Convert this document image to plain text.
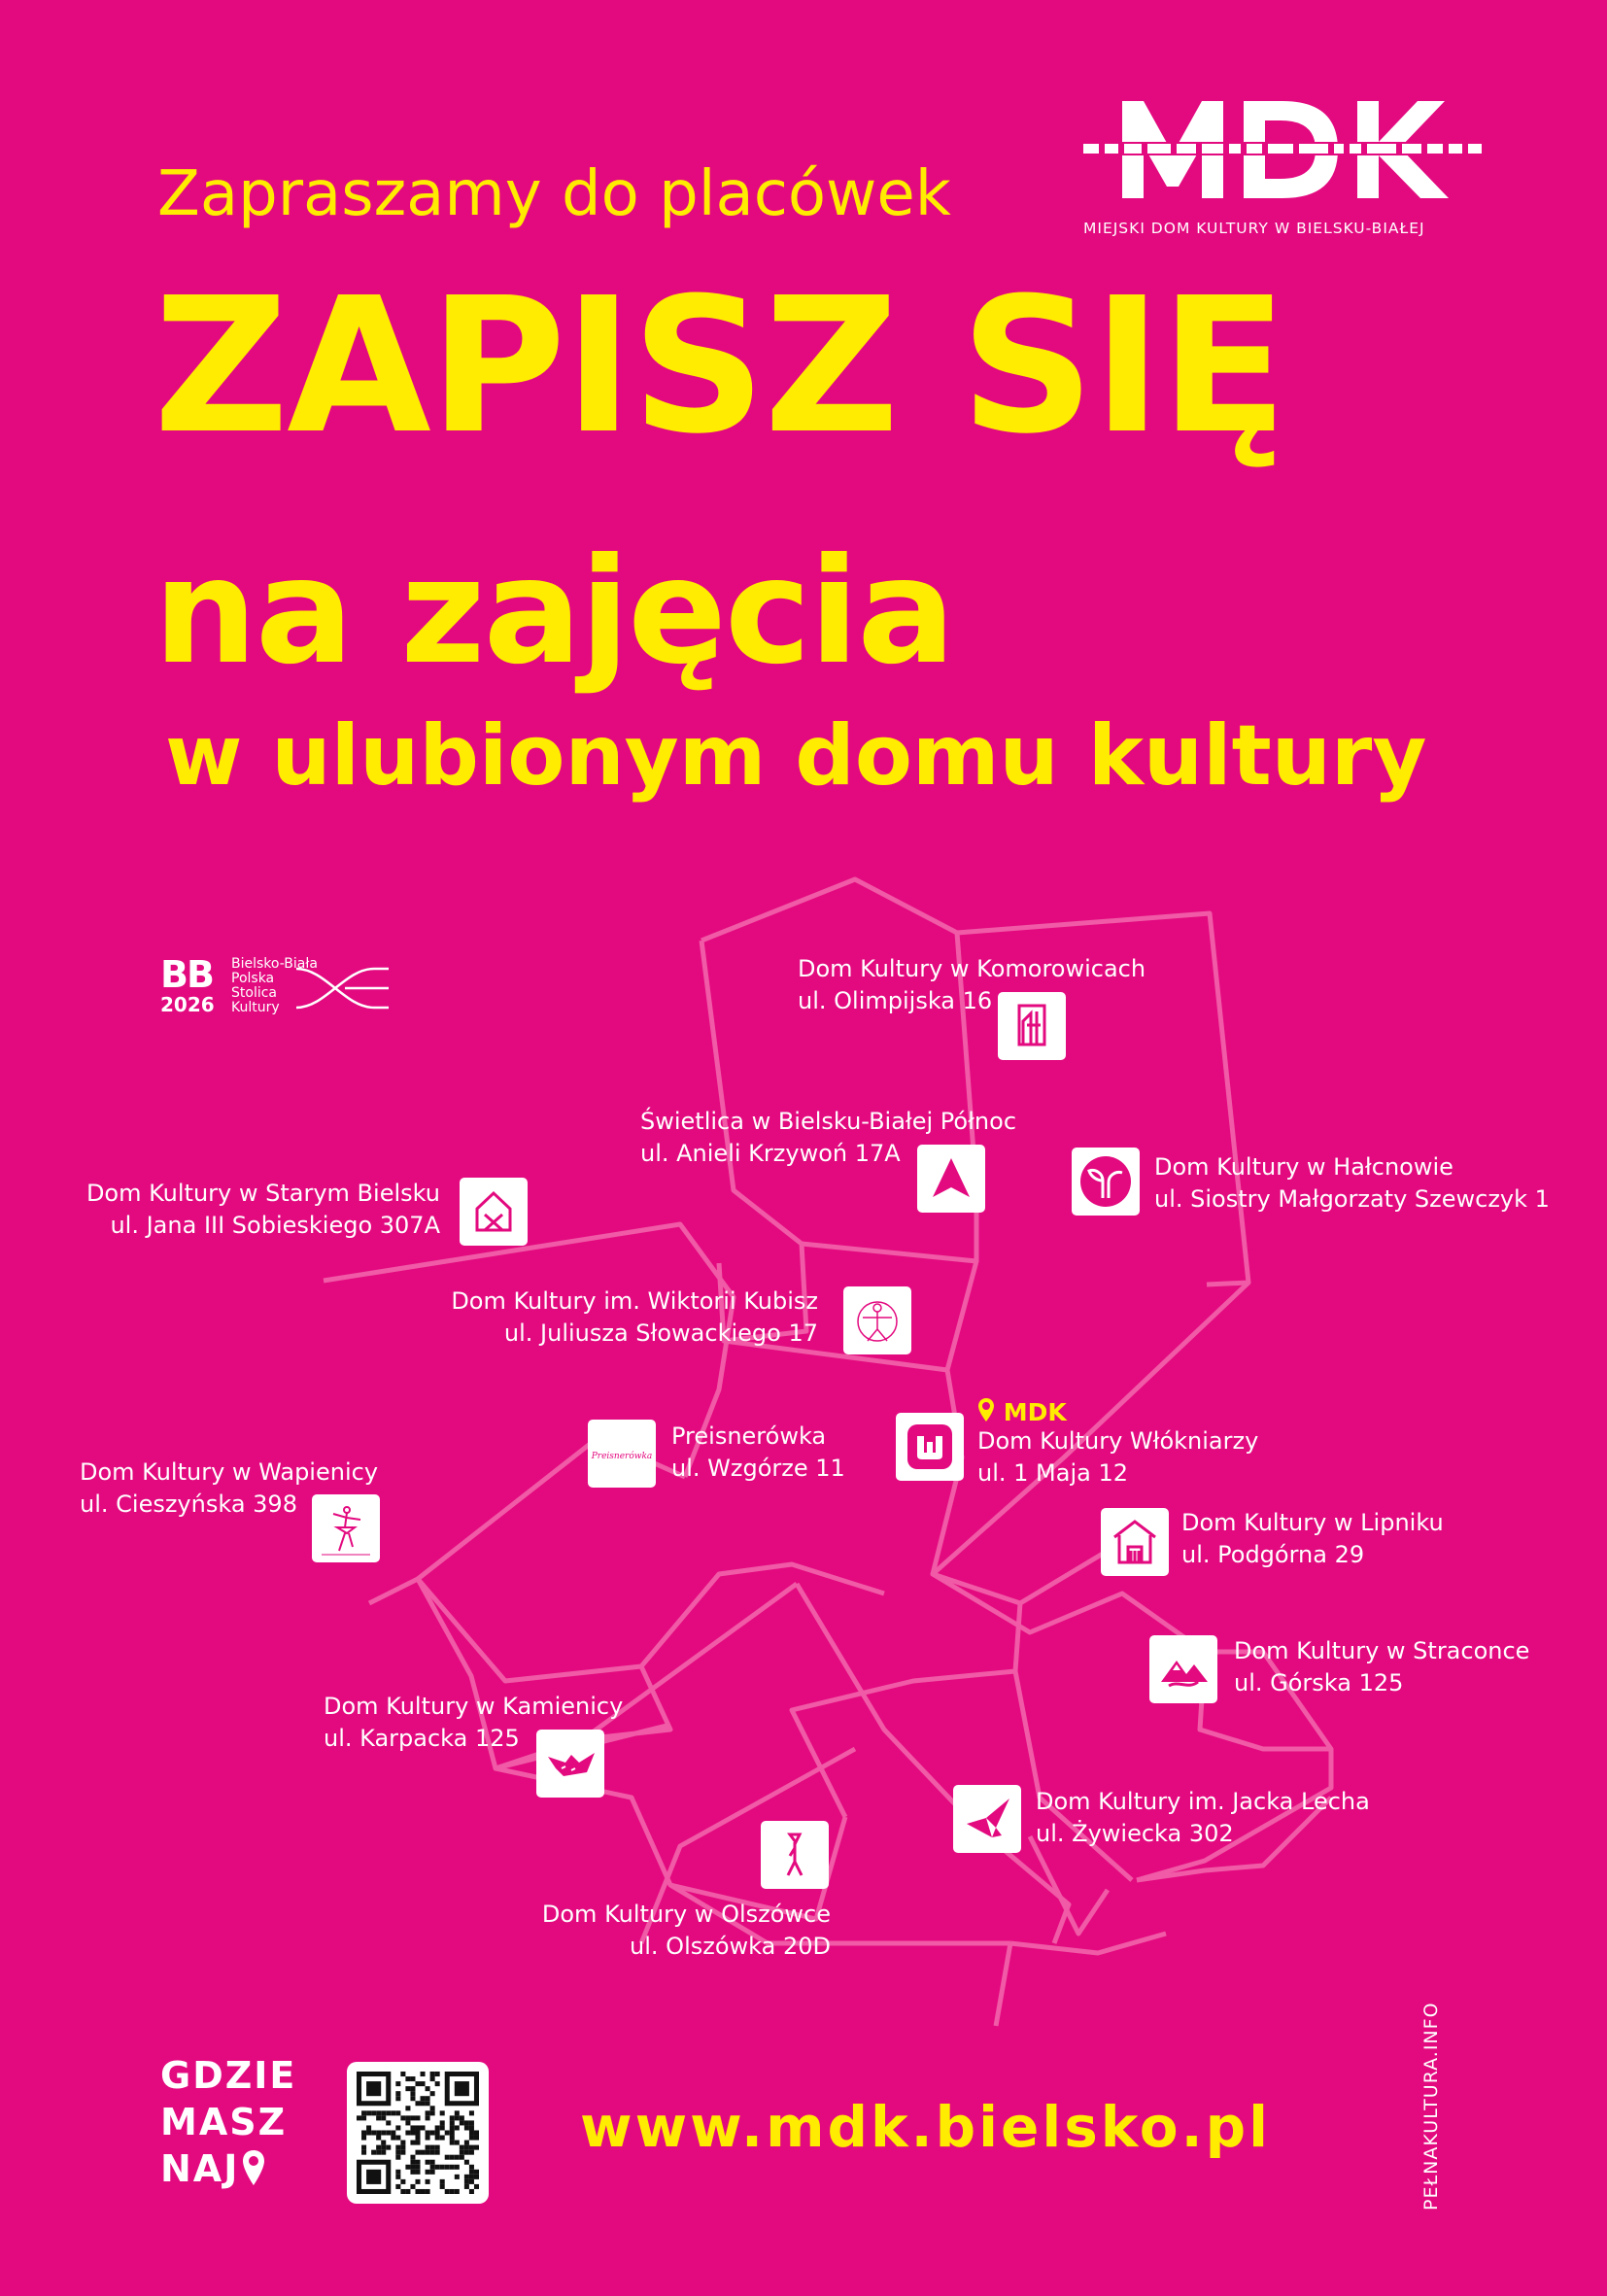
Zapraszamy do placówek
ZAPISZ SIĘ
na zajęcia
w ulubionym domu kultury
MIEJSKI DOM KULTURY W BIELSKU-BIAŁEJ
BB
2026
Bielsko-Biała
Polska
Stolica
Kultury
Dom Kultury w Komorowicach
ul. Olimpijska 16
Świetlica w Bielsku-Białej Północ
ul. Anieli Krzywoń 17A	Dom Kultury w Hałcnowie
ul. Siostry Małgorzaty Szewczyk 1
Dom Kultury w Starym Bielsku
ul. Jana III Sobieskiego 307A
Dom Kultury im. Wiktorii Kubisz
ul. Juliusza Słowackiego 17
Preisnerówka
Preisnerówka
ul. Wzgórze 11
MDK
Dom Kultury Włókniarzy
ul. 1 Maja 12
Dom Kultury w Wapienicy
ul. Cieszyńska 398
Dom Kultury w Lipniku
ul. Podgórna 29
Dom Kultury w Straconce
ul. Górska 125
Dom Kultury w Kamienicy
ul. Karpacka 125
Dom Kultury im. Jacka Lecha
ul. Żywiecka 302
Dom Kultury w Olszówce
ul. Olszówka 20D
GDZIE
MASZ
NAJ
www.mdk.bielsko.pl	PEŁNAKULTURA.INFO
